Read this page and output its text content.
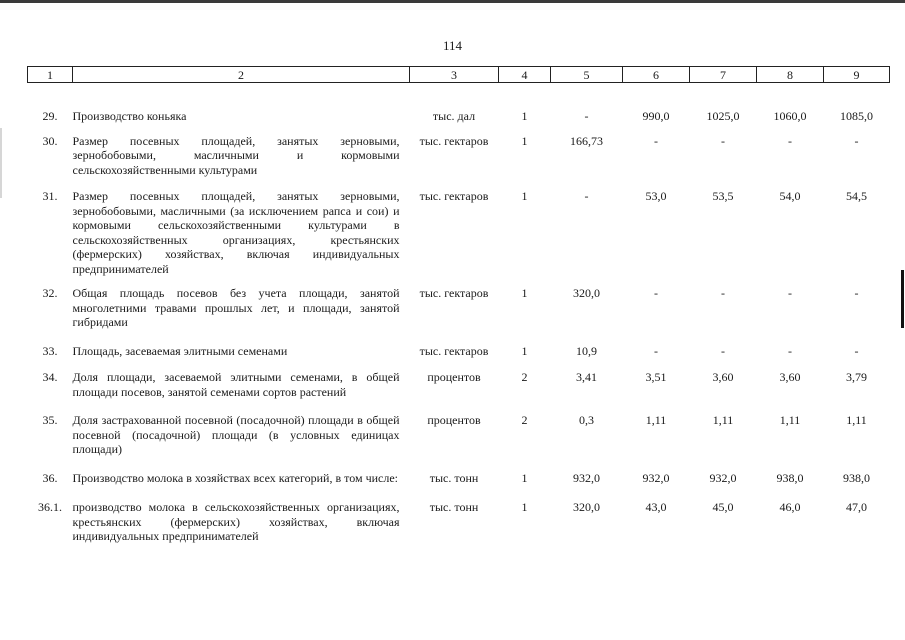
114
1	2	3	4	5	6	7	8	9
29.	Производство коньяка	тыс. дал	1	-	990,0	1025,0	1060,0	1085,0
30.	Размер посевных площадей, занятых зерновыми, зернобобовыми, масличными и кормовыми сельскохозяйственными культурами	тыс. гектаров	1	166,73	-	-	-	-
31.	Размер посевных площадей, занятых зерновыми, зернобобовыми, масличными (за исключением рапса и сои) и кормовыми сельскохозяйственными культурами в сельскохозяйственных организациях, крестьянских (фермерских) хозяйствах, включая индивидуальных предпринимателей	тыс. гектаров	1	-	53,0	53,5	54,0	54,5
32.	Общая площадь посевов без учета площади, занятой многолетними травами прошлых лет, и площади, занятой гибридами	тыс. гектаров	1	320,0	-	-	-	-
33.	Площадь, засеваемая элитными семенами	тыс. гектаров	1	10,9	-	-	-	-
34.	Доля площади, засеваемой элитными семенами, в общей площади посевов, занятой семенами сортов растений	процентов	2	3,41	3,51	3,60	3,60	3,79
35.	Доля застрахованной посевной (посадочной) площади в общей посевной (посадочной) площади (в условных единицах площади)	процентов	2	0,3	1,11	1,11	1,11	1,11
36.	Производство молока в хозяйствах всех категорий, в том числе:	тыс. тонн	1	932,0	932,0	932,0	938,0	938,0
36.1.	производство молока в сельскохозяйственных организациях, крестьянских (фермерских) хозяйствах, включая индивидуальных предпринимателей	тыс. тонн	1	320,0	43,0	45,0	46,0	47,0
